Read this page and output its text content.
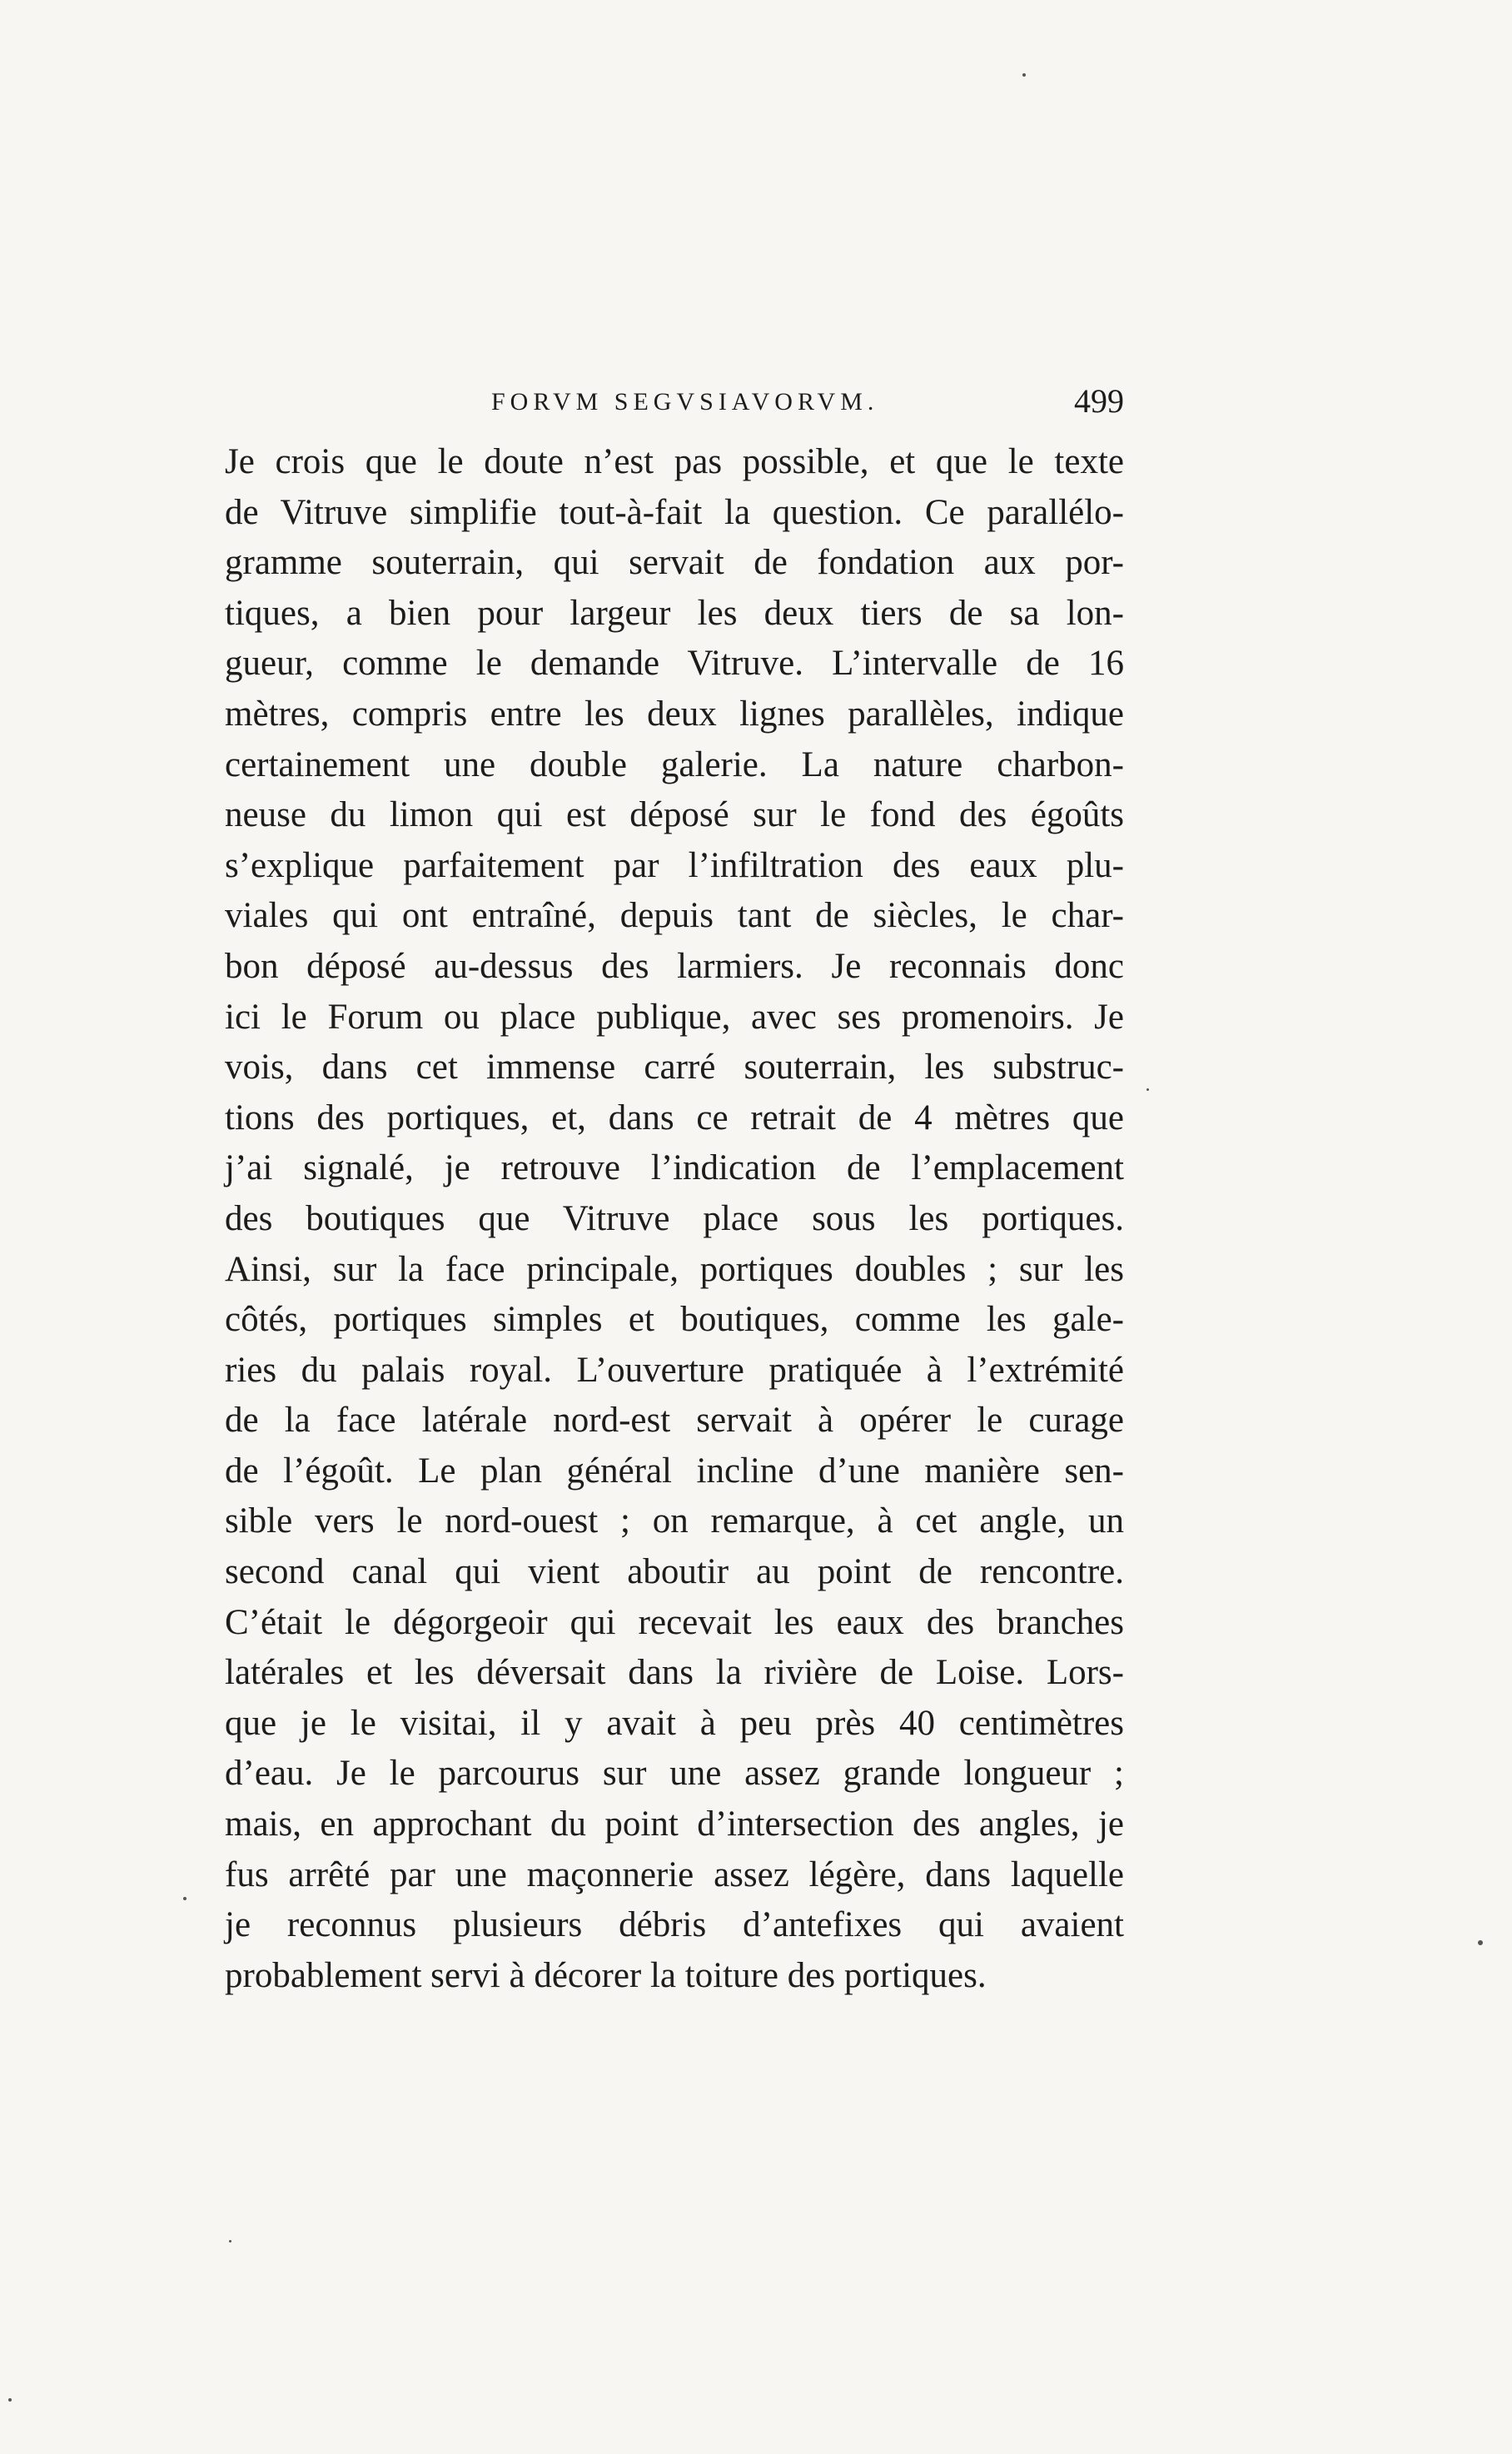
FORVM SEGVSIAVORVM.	499
Je crois que le doute n’est pas possible, et que le texte
de Vitruve simplifie tout-à-fait la question. Ce parallélo-
gramme souterrain, qui servait de fondation aux por-
tiques, a bien pour largeur les deux tiers de sa lon-
gueur, comme le demande Vitruve. L’intervalle de 16
mètres, compris entre les deux lignes parallèles, indique
certainement une double galerie. La nature charbon-
neuse du limon qui est déposé sur le fond des égoûts
s’explique parfaitement par l’infiltration des eaux plu-
viales qui ont entraîné, depuis tant de siècles, le char-
bon déposé au-dessus des larmiers. Je reconnais donc
ici le Forum ou place publique, avec ses promenoirs. Je
vois, dans cet immense carré souterrain, les substruc-
tions des portiques, et, dans ce retrait de 4 mètres que
j’ai signalé, je retrouve l’indication de l’emplacement
des boutiques que Vitruve place sous les portiques.
Ainsi, sur la face principale, portiques doubles ; sur les
côtés, portiques simples et boutiques, comme les gale-
ries du palais royal. L’ouverture pratiquée à l’extrémité
de la face latérale nord-est servait à opérer le curage
de l’égoût. Le plan général incline d’une manière sen-
sible vers le nord-ouest ; on remarque, à cet angle, un
second canal qui vient aboutir au point de rencontre.
C’était le dégorgeoir qui recevait les eaux des branches
latérales et les déversait dans la rivière de Loise. Lors-
que je le visitai, il y avait à peu près 40 centimètres
d’eau. Je le parcourus sur une assez grande longueur ;
mais, en approchant du point d’intersection des angles, je
fus arrêté par une maçonnerie assez légère, dans laquelle
je reconnus plusieurs débris d’antefixes qui avaient
probablement servi à décorer la toiture des portiques.
